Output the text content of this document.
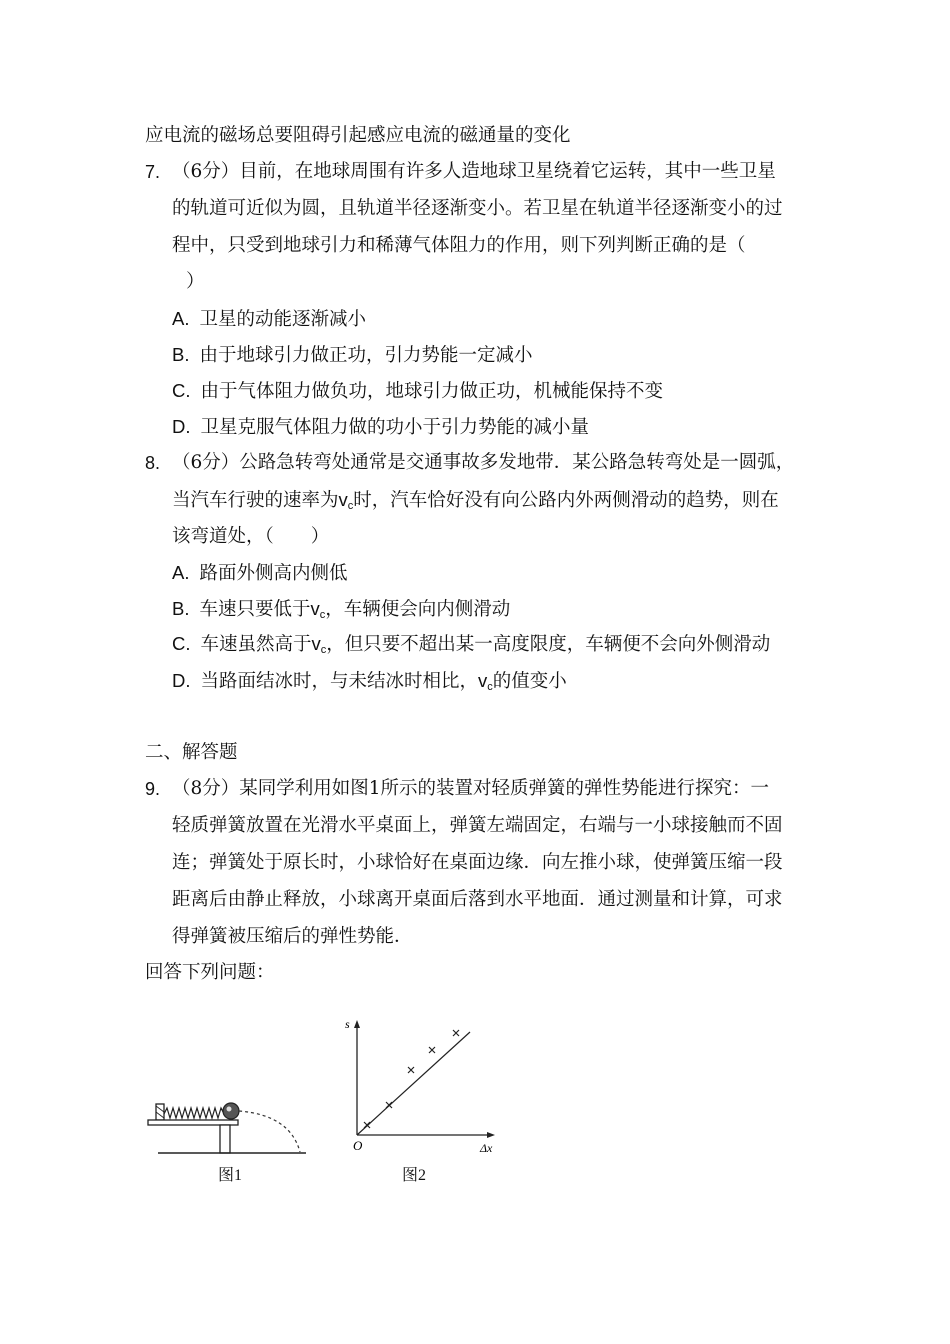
应电流的磁场总要阻碍引起感应电流的磁通量的变化
7. （6分）目前，在地球周围有许多人造地球卫星绕着它运转，其中一些卫星
的轨道可近似为圆，且轨道半径逐渐变小。若卫星在轨道半径逐渐变小的过
程中，只受到地球引力和稀薄气体阻力的作用，则下列判断正确的是（
）
A. 卫星的动能逐渐减小
B. 由于地球引力做正功，引力势能一定减小
C. 由于气体阻力做负功，地球引力做正功，机械能保持不变
D. 卫星克服气体阻力做的功小于引力势能的减小量
8. （6分）公路急转弯处通常是交通事故多发地带．某公路急转弯处是一圆弧，
当汽车行驶的速率为$v_c$时，汽车恰好没有向公路内外两侧滑动的趋势，则在
该弯道处，（　　）
A. 路面外侧高内侧低
B. 车速只要低于$v_c$，车辆便会向内侧滑动
C. 车速虽然高于$v_c$，但只要不超出某一高度限度，车辆便不会向外侧滑动
D. 当路面结冰时，与未结冰时相比，$v_c$的值变小
二、解答题
9. （8分）某同学利用如图1所示的装置对轻质弹簧的弹性势能进行探究：一
轻质弹簧放置在光滑水平桌面上，弹簧左端固定，右端与一小球接触而不固
连；弹簧处于原长时，小球恰好在桌面边缘．向左推小球，使弹簧压缩一段
距离后由静止释放，小球离开桌面后落到水平地面．通过测量和计算，可求
得弹簧被压缩后的弹性势能．
回答下列问题：
图1
s
O	Δx
图2
